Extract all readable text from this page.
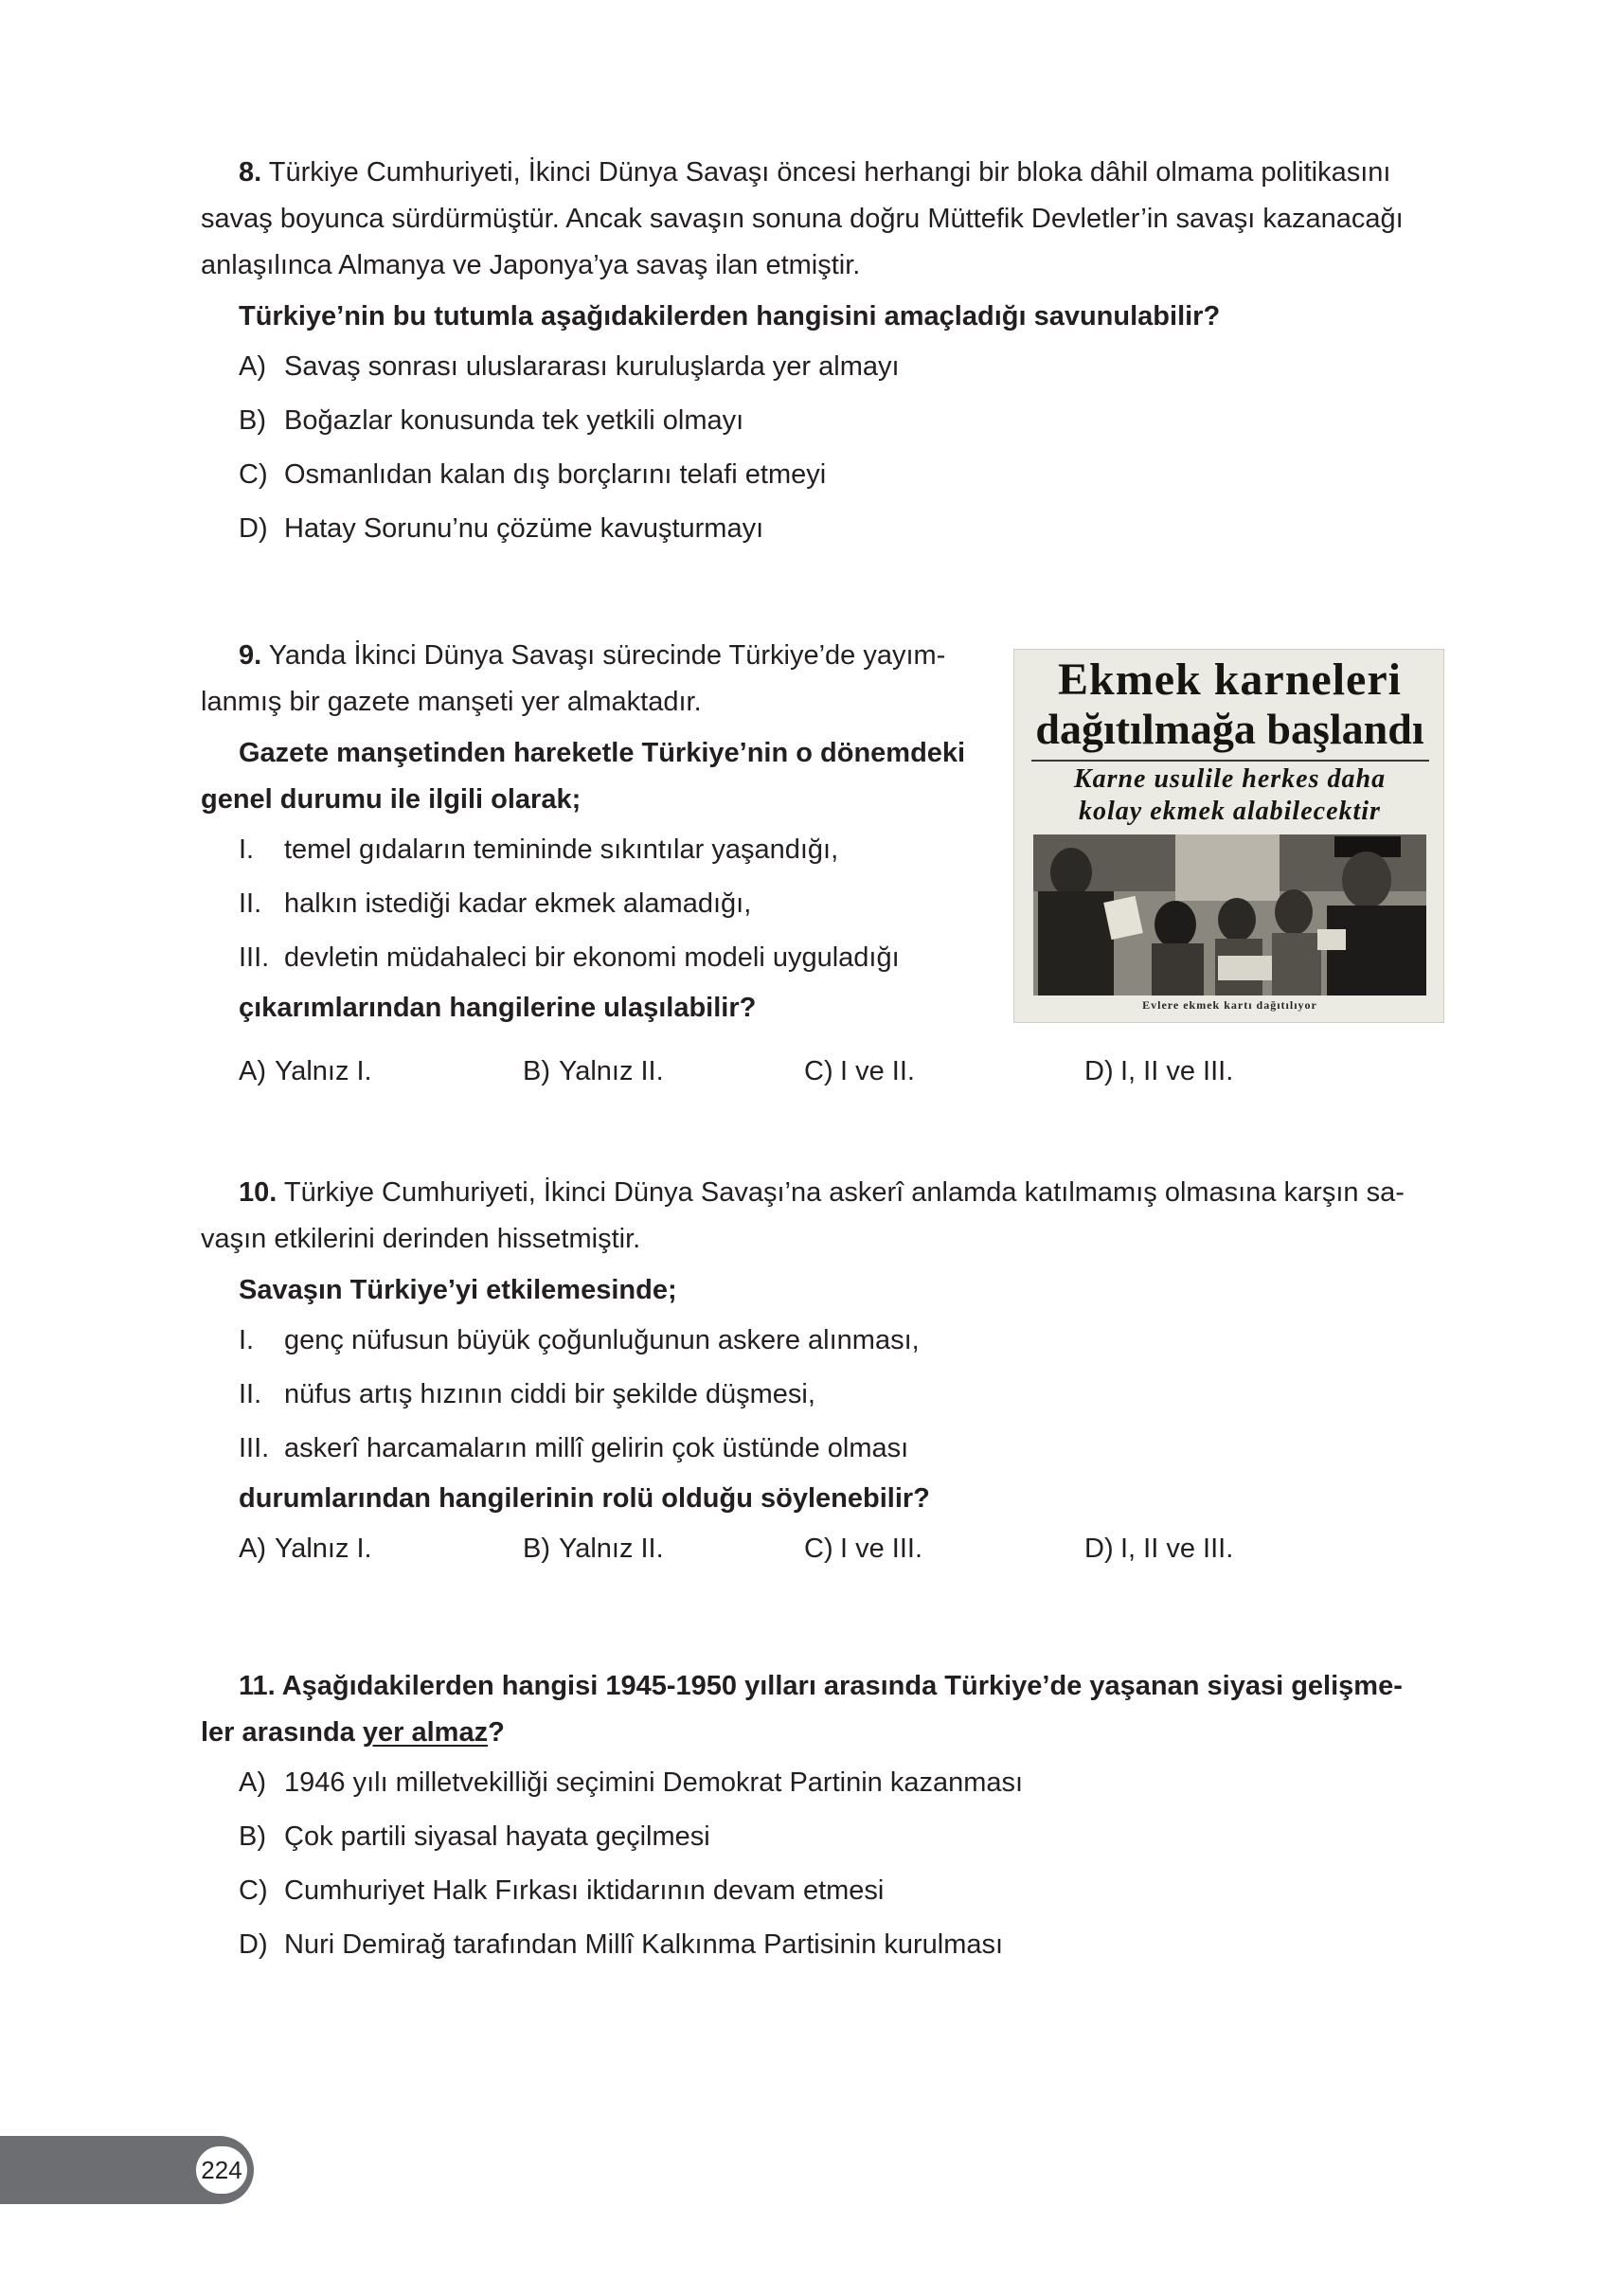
8. Türkiye Cumhuriyeti, İkinci Dünya Savaşı öncesi herhangi bir bloka dâhil olmama politikasını
savaş boyunca sürdürmüştür. Ancak savaşın sonuna doğru Müttefik Devletler’in savaşı kazanacağı
anlaşılınca Almanya ve Japonya’ya savaş ilan etmiştir.

Türkiye’nin bu tutumla aşağıdakilerden hangisini amaçladığı savunulabilir?

A) Savaş sonrası uluslararası kuruluşlarda yer almayı
B) Boğazlar konusunda tek yetkili olmayı
C) Osmanlıdan kalan dış borçlarını telafi etmeyi
D) Hatay Sorunu’nu çözüme kavuşturmayı

9. Yanda İkinci Dünya Savaşı sürecinde Türkiye’de yayım-
lanmış bir gazete manşeti yer almaktadır.

Gazete manşetinden hareketle Türkiye’nin o dönemdeki
genel durumu ile ilgili olarak;

I. temel gıdaların temininde sıkıntılar yaşandığı,
II. halkın istediği kadar ekmek alamadığı,
III. devletin müdahaleci bir ekonomi modeli uyguladığı

çıkarımlarından hangilerine ulaşılabilir?

A) Yalnız I.	B) Yalnız II.	C) I ve II.	D) I, II ve III.
Ekmek karneleri
dağıtılmağa başlandı
Karne usulile herkes daha
kolay ekmek alabilecektir
Evlere ekmek kartı dağıtılıyor

10. Türkiye Cumhuriyeti, İkinci Dünya Savaşı’na askerî anlamda katılmamış olmasına karşın sa-
vaşın etkilerini derinden hissetmiştir.

Savaşın Türkiye’yi etkilemesinde;

I. genç nüfusun büyük çoğunluğunun askere alınması,
II. nüfus artış hızının ciddi bir şekilde düşmesi,
III. askerî harcamaların millî gelirin çok üstünde olması

durumlarından hangilerinin rolü olduğu söylenebilir?

A) Yalnız I.	B) Yalnız II.	C) I ve III.	D) I, II ve III.

11. Aşağıdakilerden hangisi 1945-1950 yılları arasında Türkiye’de yaşanan siyasi gelişme-
ler arasında yer almaz?

A) 1946 yılı milletvekilliği seçimini Demokrat Partinin kazanması
B) Çok partili siyasal hayata geçilmesi
C) Cumhuriyet Halk Fırkası iktidarının devam etmesi
D) Nuri Demirağ tarafından Millî Kalkınma Partisinin kurulması
224
